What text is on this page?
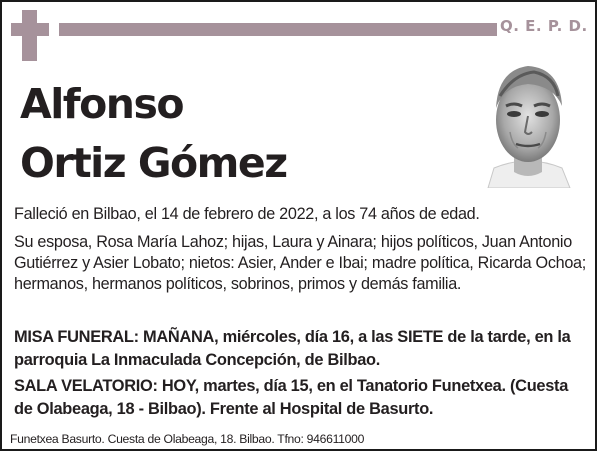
Q. E. P. D.
Alfonso
Ortiz Gómez
Falleció en Bilbao, el 14 de febrero de 2022, a los 74 años de edad.
Su esposa, Rosa María Lahoz; hijas, Laura y Ainara; hijos políticos, Juan Antonio Gutiérrez y Asier Lobato; nietos: Asier, Ander e Ibai; madre política, Ricarda Ochoa; hermanos, hermanos políticos, sobrinos, primos y demás familia.
MISA FUNERAL: MAÑANA, miércoles, día 16, a las SIETE de la tarde, en la parroquia La Inmaculada Concepción, de Bilbao.
SALA VELATORIO: HOY, martes, día 15, en el Tanatorio Funetxea. (Cuesta de Olabeaga, 18 - Bilbao). Frente al Hospital de Basurto.
Funetxea Basurto. Cuesta de Olabeaga, 18. Bilbao. Tfno: 946611000
